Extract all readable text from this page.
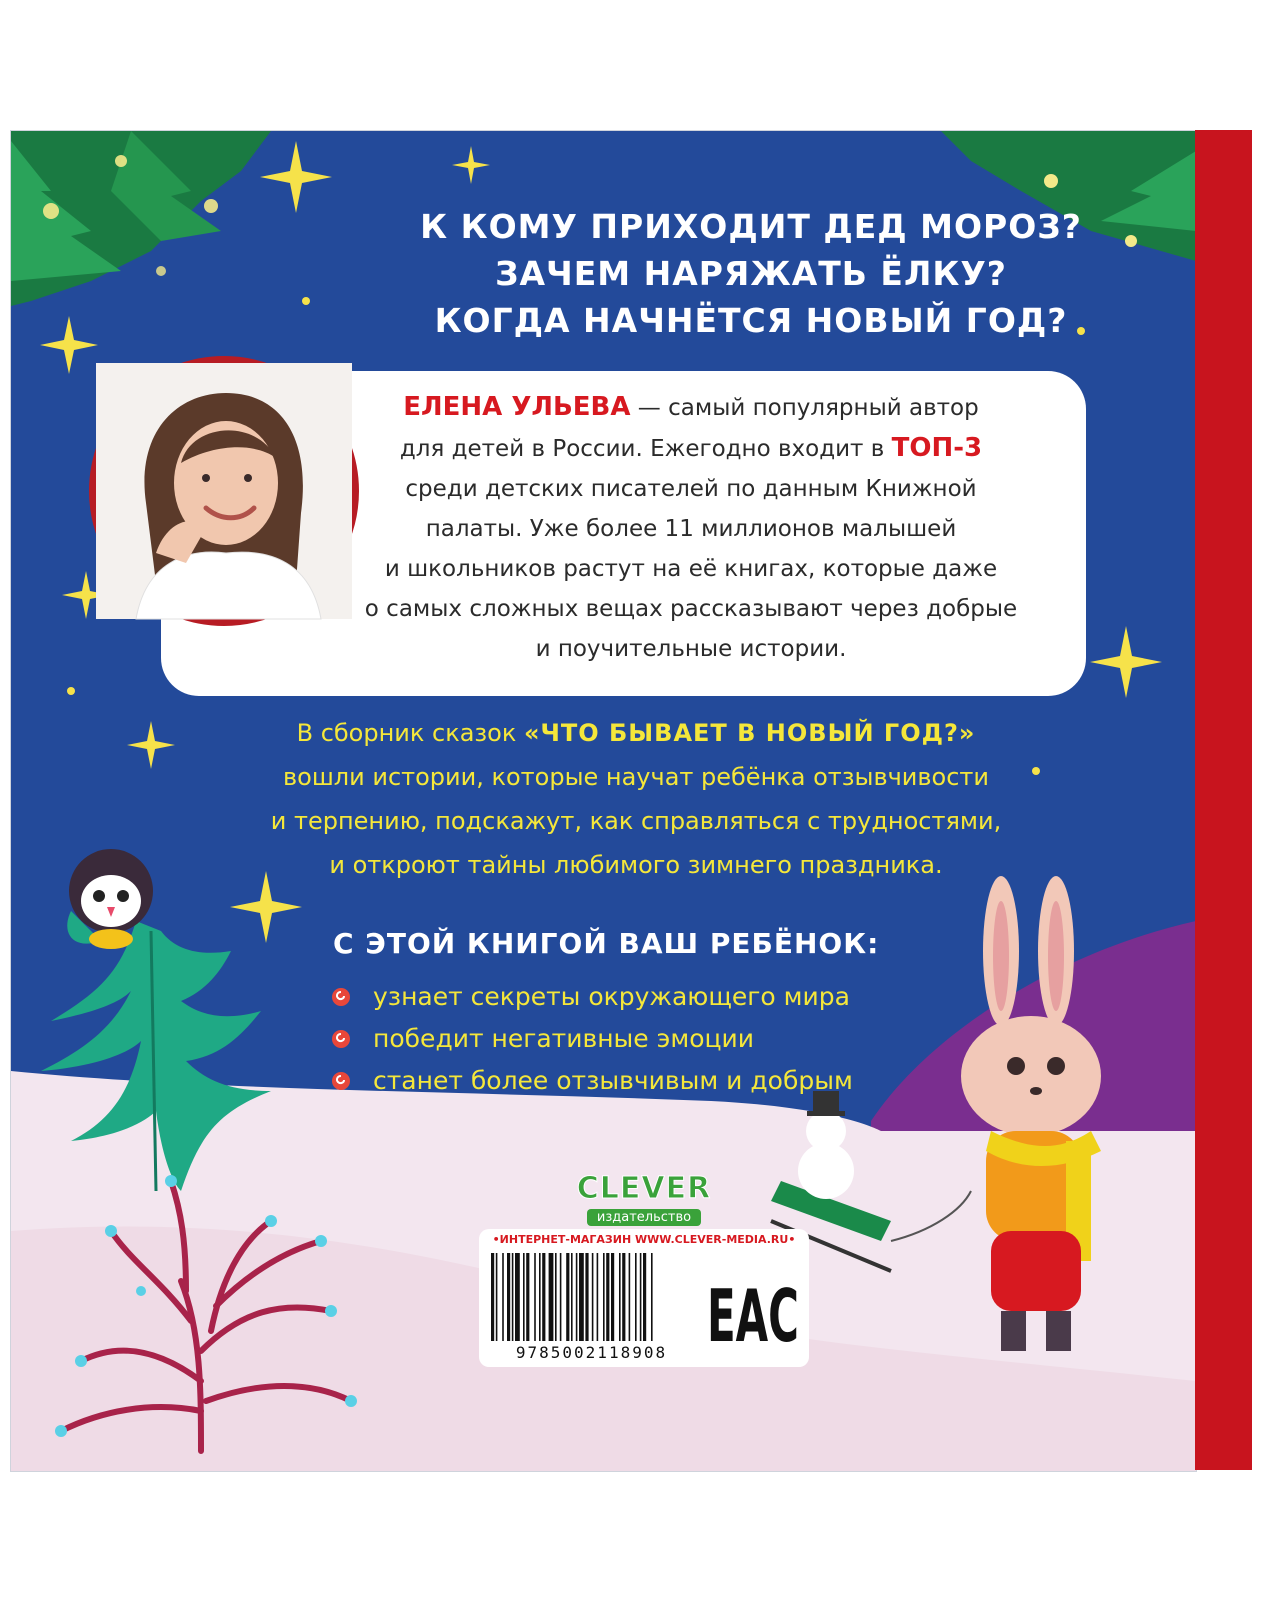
К КОМУ ПРИХОДИТ ДЕД МОРОЗ?
ЗАЧЕМ НАРЯЖАТЬ ЁЛКУ?
КОГДА НАЧНЁТСЯ НОВЫЙ ГОД?
ЕЛЕНА УЛЬЕВА — самый популярный автор
для детей в России. Ежегодно входит в ТОП-3
среди детских писателей по данным Книжной
палаты. Уже более 11 миллионов малышей
и школьников растут на её книгах, которые даже
о самых сложных вещах рассказывают через добрые
и поучительные истории.
В сборник сказок «ЧТО БЫВАЕТ В НОВЫЙ ГОД?»
вошли истории, которые научат ребёнка отзывчивости
и терпению, подскажут, как справляться с трудностями,
и откроют тайны любимого зимнего праздника.
С ЭТОЙ КНИГОЙ ВАШ РЕБЁНОК:
узнает секреты окружающего мира
победит негативные эмоции
станет более отзывчивым и добрым
CLEVER
издательство
•ИНТЕРНЕТ-МАГАЗИН WWW.CLEVER-MEDIA.RU•
9785002118908 EAC
